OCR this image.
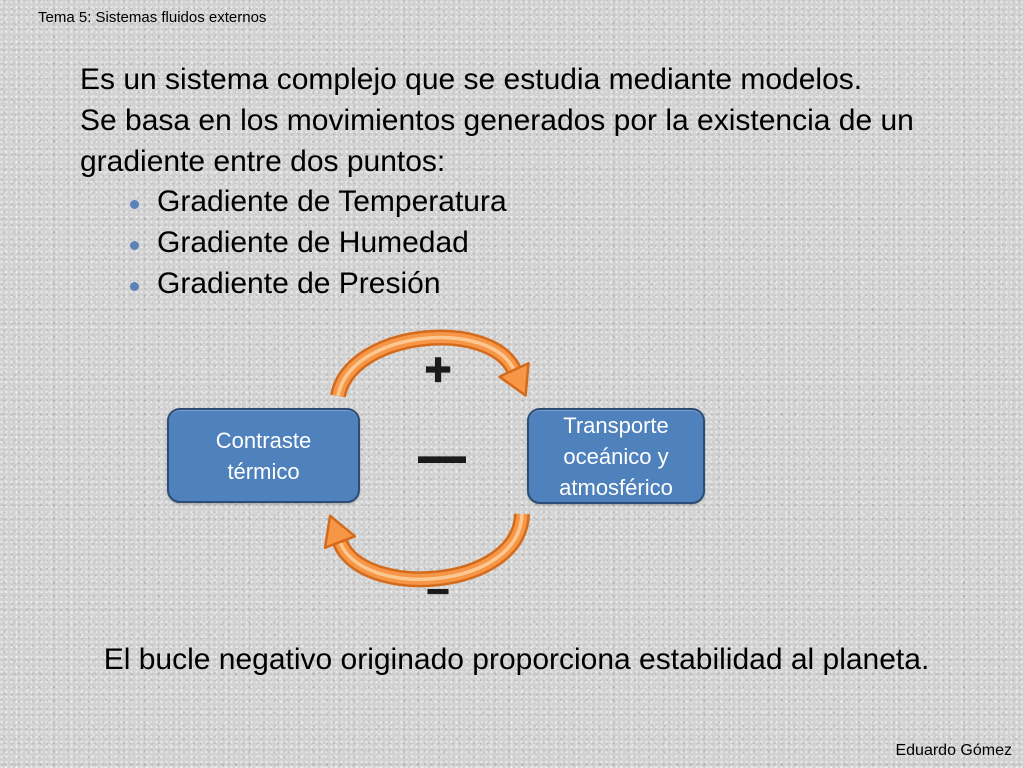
Tema 5: Sistemas fluidos externos
Es un sistema complejo que se estudia mediante modelos.
Se basa en los movimientos generados por la existencia de un
gradiente entre dos puntos:
Gradiente de Temperatura
Gradiente de Humedad
Gradiente de Presión
+
—
–
Contraste
térmico
Transporte
oceánico y
atmosférico
El bucle negativo originado proporciona estabilidad al planeta.
Eduardo Gómez
